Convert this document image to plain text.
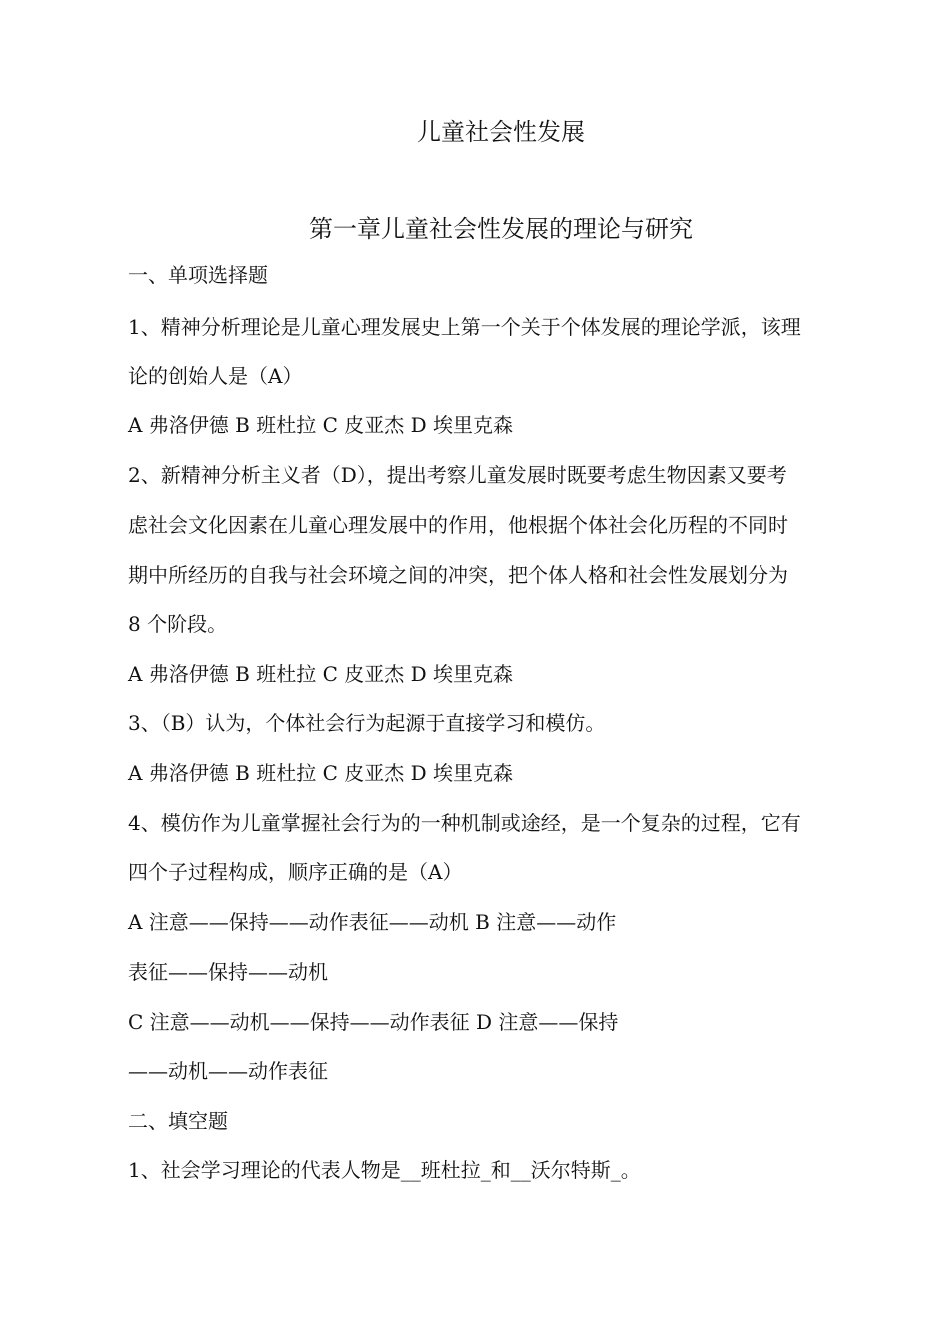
儿童社会性发展
第一章儿童社会性发展的理论与研究
一、单项选择题
1、精神分析理论是儿童心理发展史上第一个关于个体发展的理论学派，该理
论的创始人是（A）
A 弗洛伊德 B 班杜拉 C 皮亚杰 D 埃里克森
2、新精神分析主义者（D），提出考察儿童发展时既要考虑生物因素又要考
虑社会文化因素在儿童心理发展中的作用，他根据个体社会化历程的不同时
期中所经历的自我与社会环境之间的冲突，把个体人格和社会性发展划分为
8 个阶段。
A 弗洛伊德 B 班杜拉 C 皮亚杰 D 埃里克森
3、（B）认为，个体社会行为起源于直接学习和模仿。
A 弗洛伊德 B 班杜拉 C 皮亚杰 D 埃里克森
4、模仿作为儿童掌握社会行为的一种机制或途经，是一个复杂的过程，它有
四个子过程构成，顺序正确的是（A）
A 注意——保持——动作表征——动机 B 注意——动作
表征——保持——动机
C 注意——动机——保持——动作表征 D 注意——保持
——动机——动作表征
二、填空题
1、社会学习理论的代表人物是__班杜拉_和__沃尔特斯_。
